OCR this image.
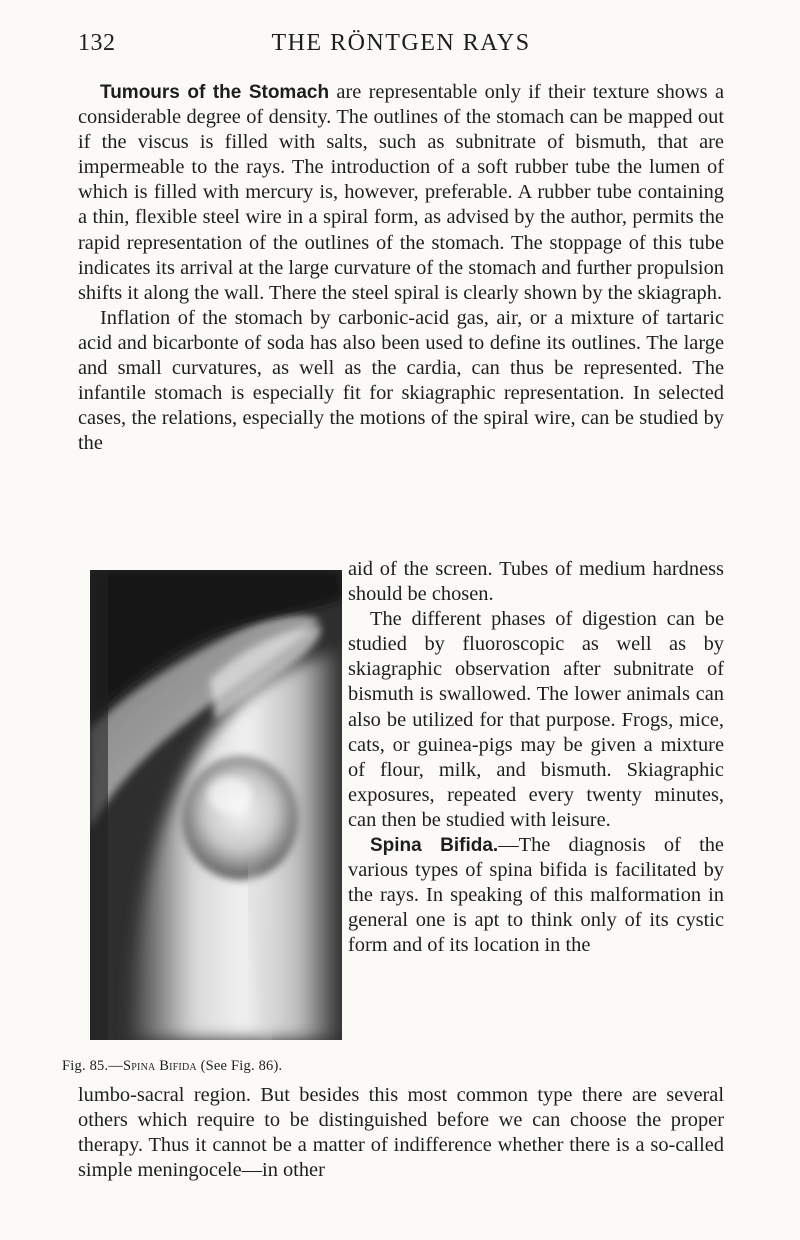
132	THE RÖNTGEN RAYS

Tumours of the Stomach are representable only if their texture shows a considerable degree of density. The outlines of the stomach can be mapped out if the viscus is filled with salts, such as subnitrate of bismuth, that are impermeable to the rays. The introduction of a soft rubber tube the lumen of which is filled with mercury is, however, preferable. A rubber tube containing a thin, flexible steel wire in a spiral form, as advised by the author, permits the rapid representation of the outlines of the stomach. The stoppage of this tube indicates its arrival at the large curvature of the stomach and further propulsion shifts it along the wall. There the steel spiral is clearly shown by the skiagraph.

Inflation of the stomach by carbonic-acid gas, air, or a mixture of tartaric acid and bicarbonte of soda has also been used to define its outlines. The large and small curvatures, as well as the cardia, can thus be represented. The infantile stomach is especially fit for skiagraphic representation. In selected cases, the relations, especially the motions of the spiral wire, can be studied by the

Fig. 85.—Spina Bifida (See Fig. 86).

aid of the screen. Tubes of medium hardness should be chosen.

The different phases of digestion can be studied by fluoroscopic as well as by skiagraphic observation after subnitrate of bismuth is swallowed. The lower animals can also be utilized for that purpose. Frogs, mice, cats, or guinea-pigs may be given a mixture of flour, milk, and bismuth. Skiagraphic exposures, repeated every twenty minutes, can then be studied with leisure.

Spina Bifida.—The diagnosis of the various types of spina bifida is facilitated by the rays. In speaking of this malformation in general one is apt to think only of its cystic form and of its location in the

lumbo-sacral region. But besides this most common type there are several others which require to be distinguished before we can choose the proper therapy. Thus it cannot be a matter of indifference whether there is a so-called simple meningocele—in other
